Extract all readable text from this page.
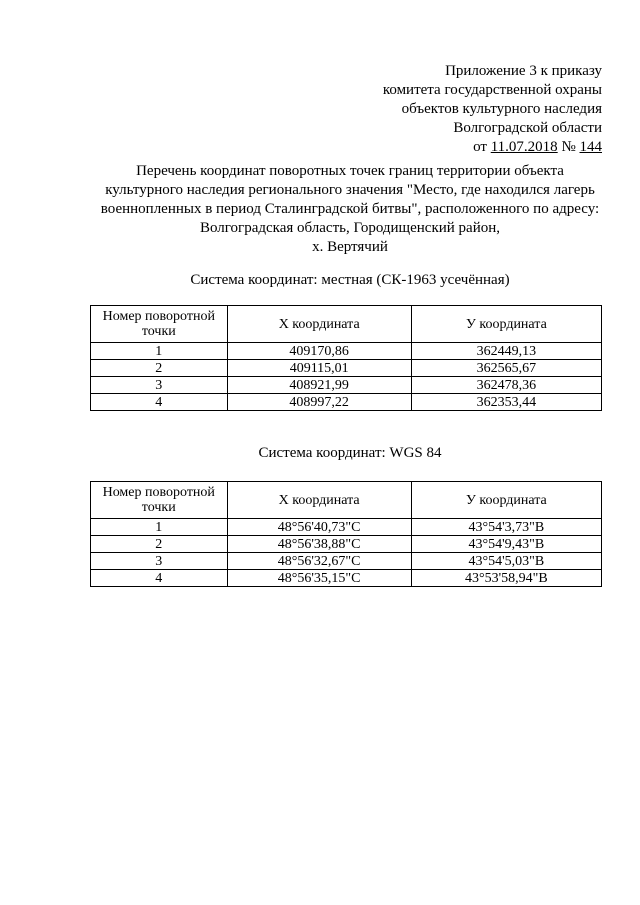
Приложение 3 к приказу
комитета государственной охраны
объектов культурного наследия
Волгоградской области
от 11.07.2018 № 144
Перечень координат поворотных точек границ территории объекта
культурного наследия регионального значения "Место, где находился лагерь
военнопленных в период Сталинградской битвы", расположенного по адресу:
Волгоградская область, Городищенский район,
х. Вертячий
Система координат: местная (СК-1963 усечённая)
Номер поворотной точки	X координата	У координата
1	409170,86	362449,13
2	409115,01	362565,67
3	408921,99	362478,36
4	408997,22	362353,44
Система координат: WGS 84
Номер поворотной точки	X координата	У координата
1	48°56'40,73"С	43°54'3,73"В
2	48°56'38,88"С	43°54'9,43"В
3	48°56'32,67"С	43°54'5,03"В
4	48°56'35,15"С	43°53'58,94"В
